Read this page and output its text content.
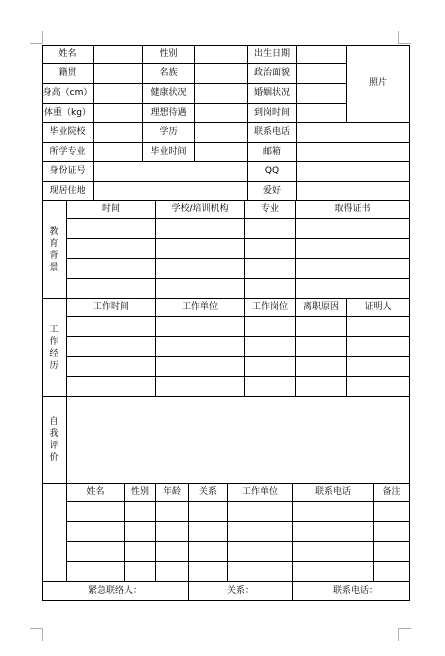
姓名	性别	出生日期
籍贯	名族	政治面貌
身高（cm）	健康状况	婚姻状况
体重（kg）	理想待遇	到岗时间
毕业院校	学历	联系电话
所学专业	毕业时间	邮箱
身份证号	QQ
现居住地	爱好
照片
教育背景
时间	学校/培训机构	专业	取得证书
工作经历
工作时间	工作单位	工作岗位 离职原因	证明人
自我评价
姓名	性别 年龄 关系	工作单位	联系电话	备注
紧急联络人：	关系：	联系电话：
